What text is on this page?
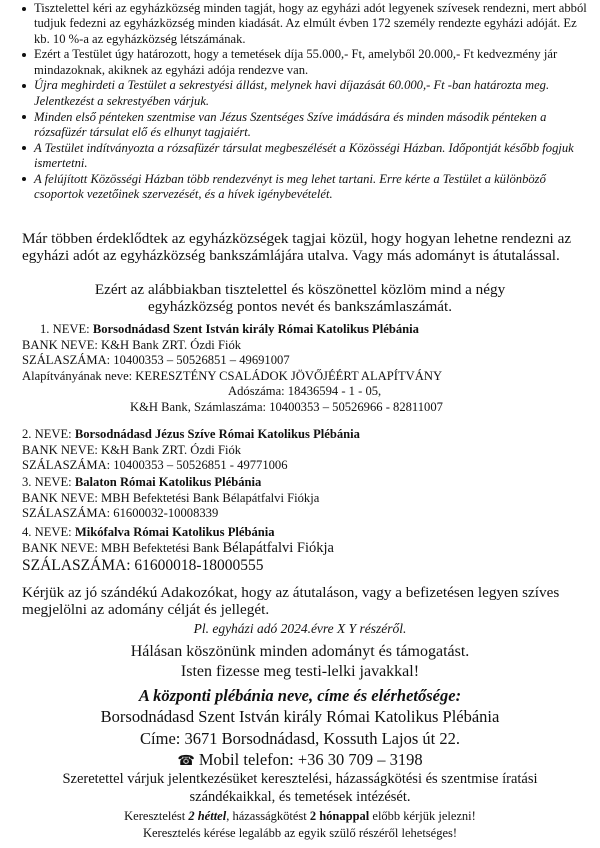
Tisztelettel kéri az egyházközség minden tagját, hogy az egyházi adót legyenek szívesek rendezni, mert abból tudjuk fedezni az egyházközség minden kiadását. Az elmúlt évben 172 személy rendezte egyházi adóját. Ez kb. 10 %-a az egyházközség létszámának.
Ezért a Testület úgy határozott, hogy a temetések díja 55.000,- Ft, amelyből 20.000,- Ft kedvezmény jár mindazoknak, akiknek az egyházi adója rendezve van.
Újra meghirdeti a Testület a sekrestyési állást, melynek havi díjazását 60.000,- Ft -ban határozta meg. Jelentkezést a sekrestyében várjuk.
Minden első pénteken szentmise van Jézus Szentséges Szíve imádására és minden második pénteken a rózsafüzér társulat elő és elhunyt tagjaiért.
A Testület indítványozta a rózsafüzér társulat megbeszélését a Közösségi Házban. Időpontját később fogjuk ismertetni.
A felújított Közösségi Házban több rendezvényt is meg lehet tartani. Erre kérte a Testület a különböző csoportok vezetőinek szervezését, és a hívek igénybevételét.
Már többen érdeklődtek az egyházközségek tagjai közül, hogy hogyan lehetne rendezni az egyházi adót az egyházközség bankszámlájára utalva. Vagy más adományt is átutalással.
Ezért az alábbiakban tisztelettel és köszönettel közlöm mind a négy
egyházközség pontos nevét és bankszámlaszámát.
1. NEVE: Borsodnádasd Szent István király Római Katolikus Plébánia
BANK NEVE: K&H Bank ZRT. Ózdi Fiók
SZÁLASZÁMA: 10400353 – 50526851 – 49691007
Alapítványának neve: KERESZTÉNY CSALÁDOK JÖVŐJÉÉRT ALAPÍTVÁNY
Adószáma: 18436594 - 1 - 05,
K&H Bank, Számlaszáma: 10400353 – 50526966 - 82811007
2. NEVE: Borsodnádasd Jézus Szíve Római Katolikus Plébánia
BANK NEVE: K&H Bank ZRT. Ózdi Fiók
SZÁLASZÁMA: 10400353 – 50526851 - 49771006
3. NEVE: Balaton Római Katolikus Plébánia
BANK NEVE: MBH Befektetési Bank Bélapátfalvi Fiókja
SZÁLASZÁMA: 61600032-10008339
4. NEVE: Mikófalva Római Katolikus Plébánia
BANK NEVE: MBH Befektetési Bank Bélapátfalvi Fiókja
SZÁLASZÁMA: 61600018-18000555
Kérjük az jó szándékú Adakozókat, hogy az átutaláson, vagy a befizetésen legyen szíves megjelölni az adomány célját és jellegét.
Pl. egyházi adó 2024.évre X Y részéről.
Hálásan köszönünk minden adományt és támogatást.
Isten fizesse meg testi-lelki javakkal!
A központi plébánia neve, címe és elérhetősége:
Borsodnádasd Szent István király Római Katolikus Plébánia
Címe: 3671 Borsodnádasd, Kossuth Lajos út 22.
☎ Mobil telefon: +36 30 709 – 3198
Szeretettel várjuk jelentkezésüket keresztelési, házasságkötési és szentmise íratási
szándékaikkal, és temetések intézését.
Keresztelést 2 héttel, házasságkötést 2 hónappal előbb kérjük jelezni!
Keresztelés kérése legalább az egyik szülő részéről lehetséges!
